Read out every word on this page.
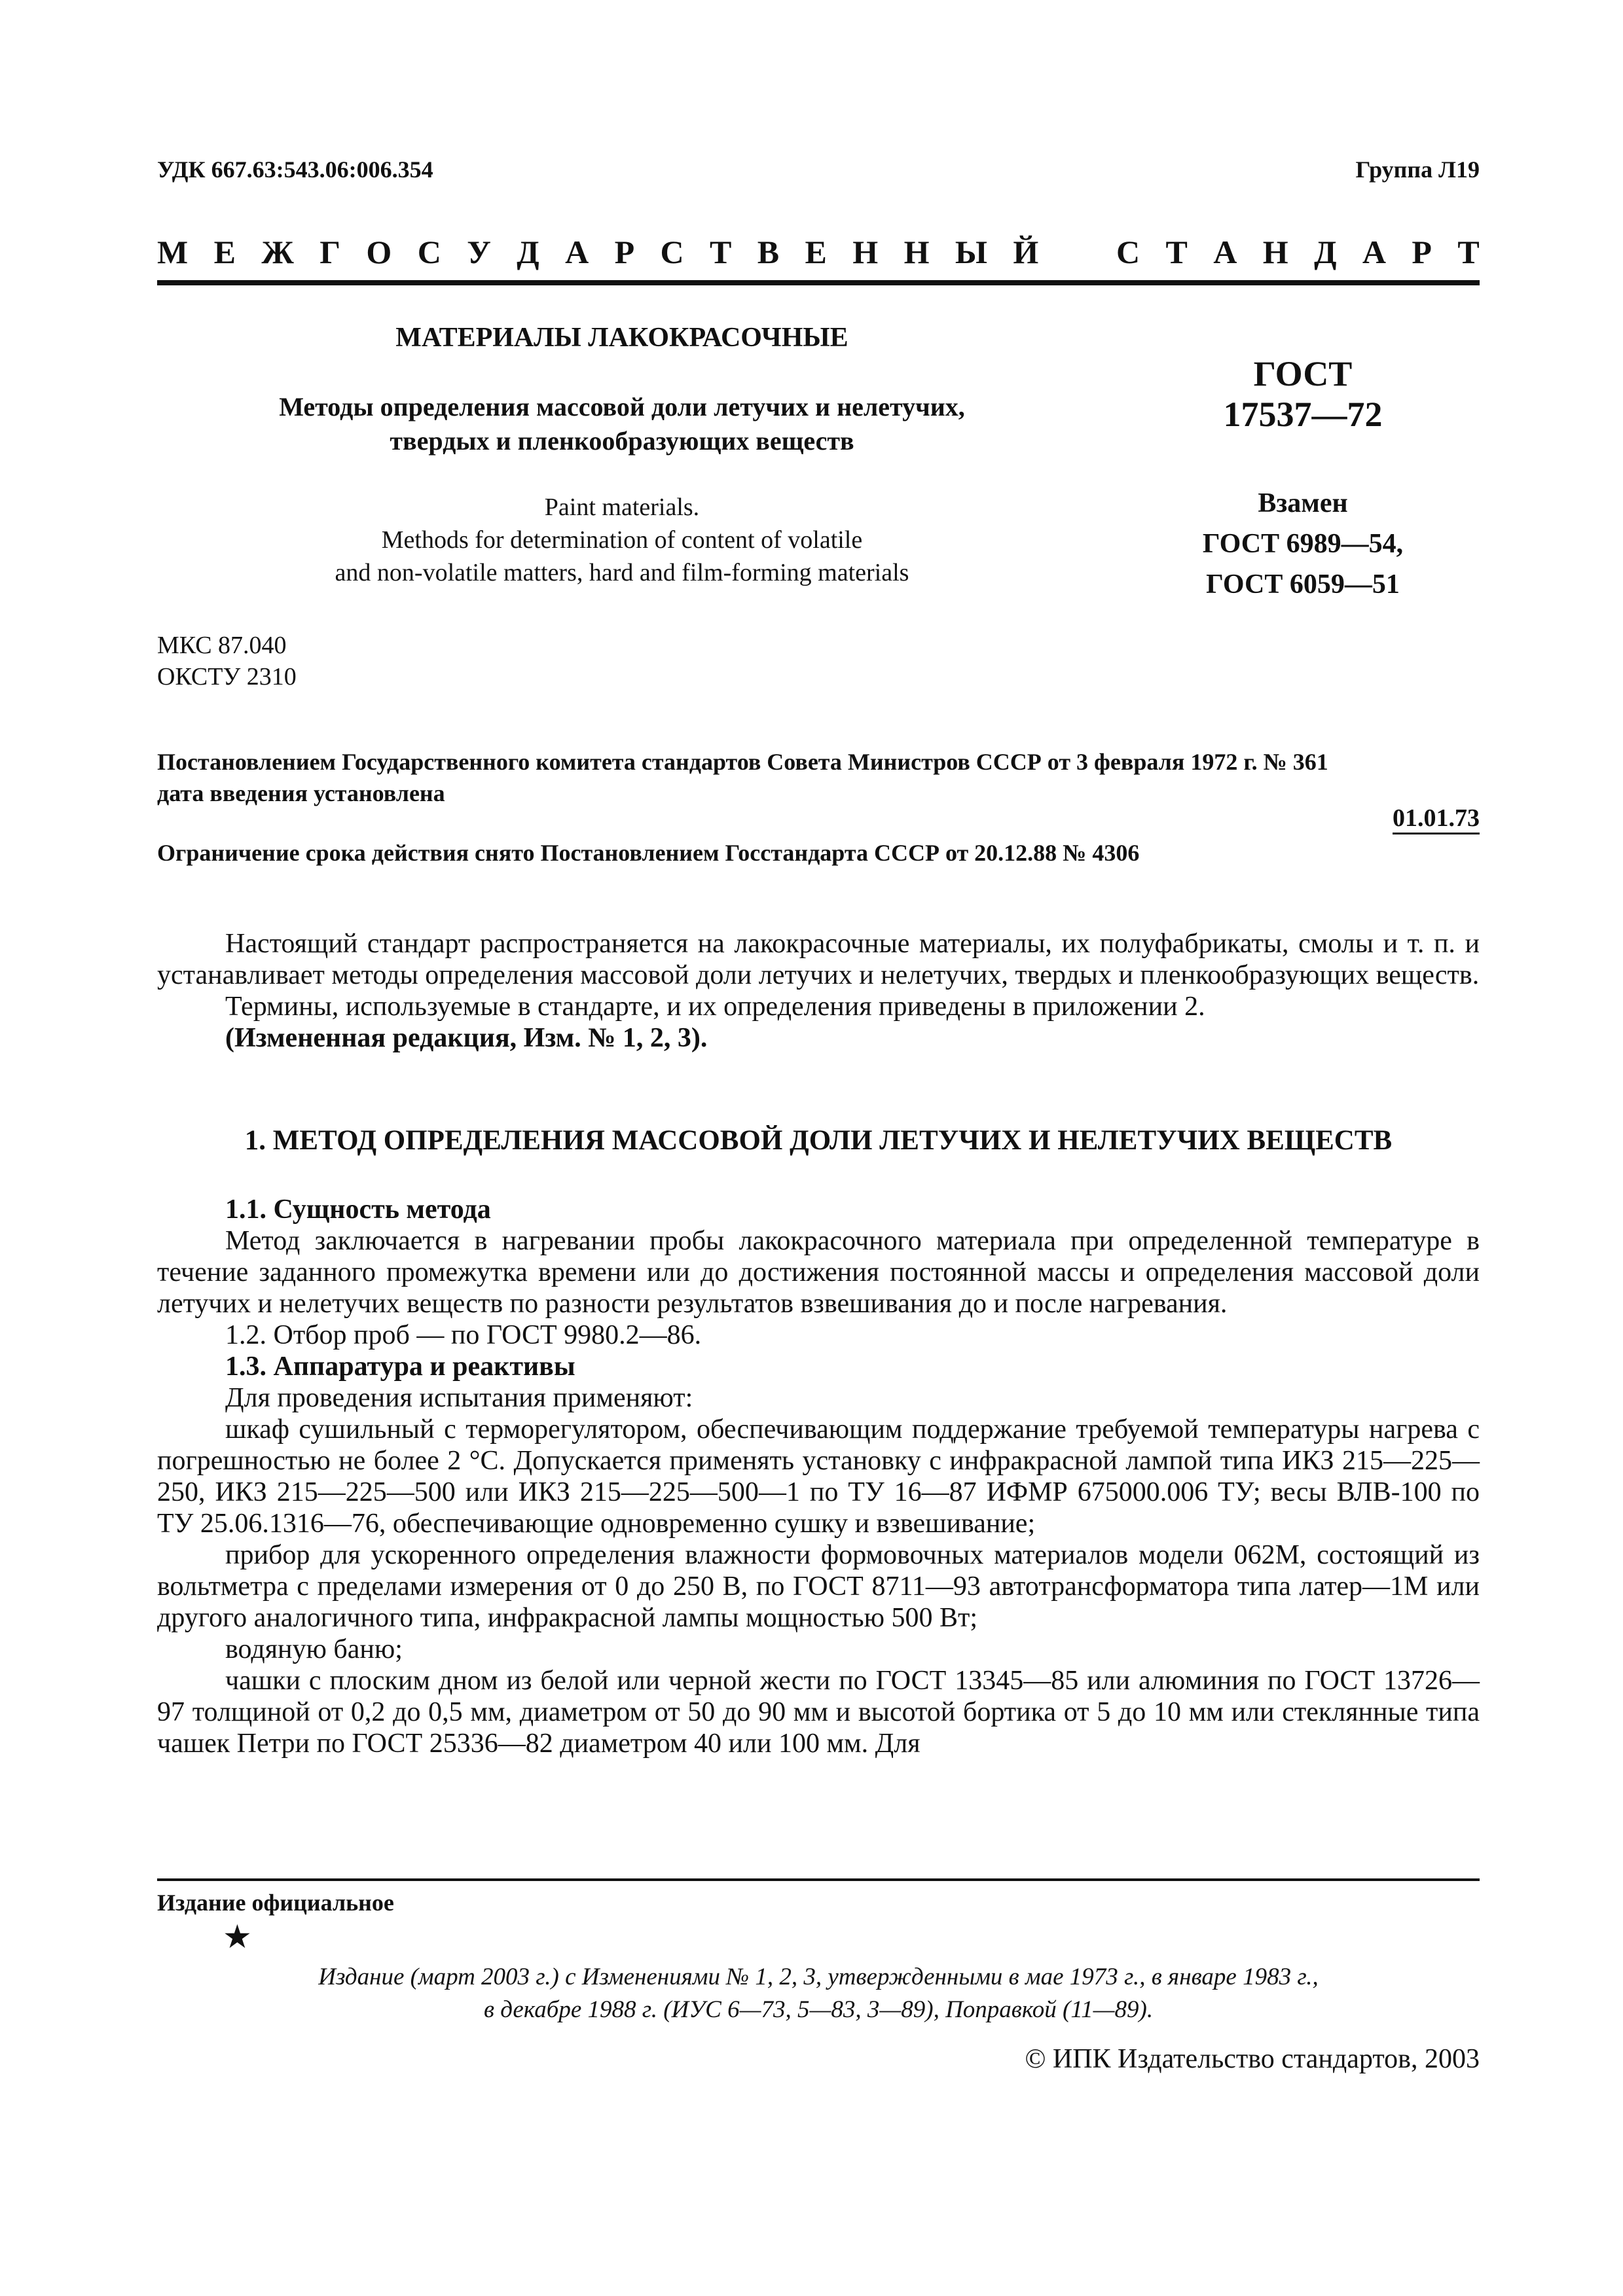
УДК 667.63:543.06:006.354	Группа Л19
М Е Ж Г О С У Д А Р С Т В Е Н Н Ы Й С Т А Н Д А Р Т
МАТЕРИАЛЫ ЛАКОКРАСОЧНЫЕ
Методы определения массовой доли летучих и нелетучих,
твердых и пленкообразующих веществ
Paint materials.
Methods for determination of content of volatile
and non-volatile matters, hard and film-forming materials
ГОСТ
17537—72
Взамен
ГОСТ 6989—54,
ГОСТ 6059—51
МКС 87.040
ОКСТУ 2310
Постановлением Государственного комитета стандартов Совета Министров СССР от 3 февраля 1972 г. № 361
дата введения установлена
01.01.73
Ограничение срока действия снято Постановлением Госстандарта СССР от 20.12.88 № 4306

Настоящий стандарт распространяется на лакокрасочные материалы, их полуфабрикаты, смолы и т. п. и устанавливает методы определения массовой доли летучих и нелетучих, твердых и пленкообразующих веществ.

Термины, используемые в стандарте, и их определения приведены в приложении 2.

(Измененная редакция, Изм. № 1, 2, 3).

1. МЕТОД ОПРЕДЕЛЕНИЯ МАССОВОЙ ДОЛИ ЛЕТУЧИХ И НЕЛЕТУЧИХ ВЕЩЕСТВ

1.1. Сущность метода

Метод заключается в нагревании пробы лакокрасочного материала при определенной температуре в течение заданного промежутка времени или до достижения постоянной массы и определения массовой доли летучих и нелетучих веществ по разности результатов взвешивания до и после нагревания.

1.2. Отбор проб — по ГОСТ 9980.2—86.

1.3. Аппаратура и реактивы

Для проведения испытания применяют:

шкаф сушильный с терморегулятором, обеспечивающим поддержание требуемой температуры нагрева с погрешностью не более 2 °С. Допускается применять установку с инфракрасной лампой типа ИКЗ 215—225—250, ИКЗ 215—225—500 или ИКЗ 215—225—500—1 по ТУ 16—87 ИФМР 675000.006 ТУ; весы ВЛВ-100 по ТУ 25.06.1316—76, обеспечивающие одновременно сушку и взвешивание;

прибор для ускоренного определения влажности формовочных материалов модели 062М, состоящий из вольтметра с пределами измерения от 0 до 250 В, по ГОСТ 8711—93 автотрансформатора типа латер—1М или другого аналогичного типа, инфракрасной лампы мощностью 500 Вт;

водяную баню;

чашки с плоским дном из белой или черной жести по ГОСТ 13345—85 или алюминия по ГОСТ 13726—97 толщиной от 0,2 до 0,5 мм, диаметром от 50 до 90 мм и высотой бортика от 5 до 10 мм или стеклянные типа чашек Петри по ГОСТ 25336—82 диаметром 40 или 100 мм. Для

Издание официальное
★
Издание (март 2003 г.) с Изменениями № 1, 2, 3, утвержденными в мае 1973 г., в январе 1983 г.,
в декабре 1988 г. (ИУС 6—73, 5—83, 3—89), Поправкой (11—89).
© ИПК Издательство стандартов, 2003
